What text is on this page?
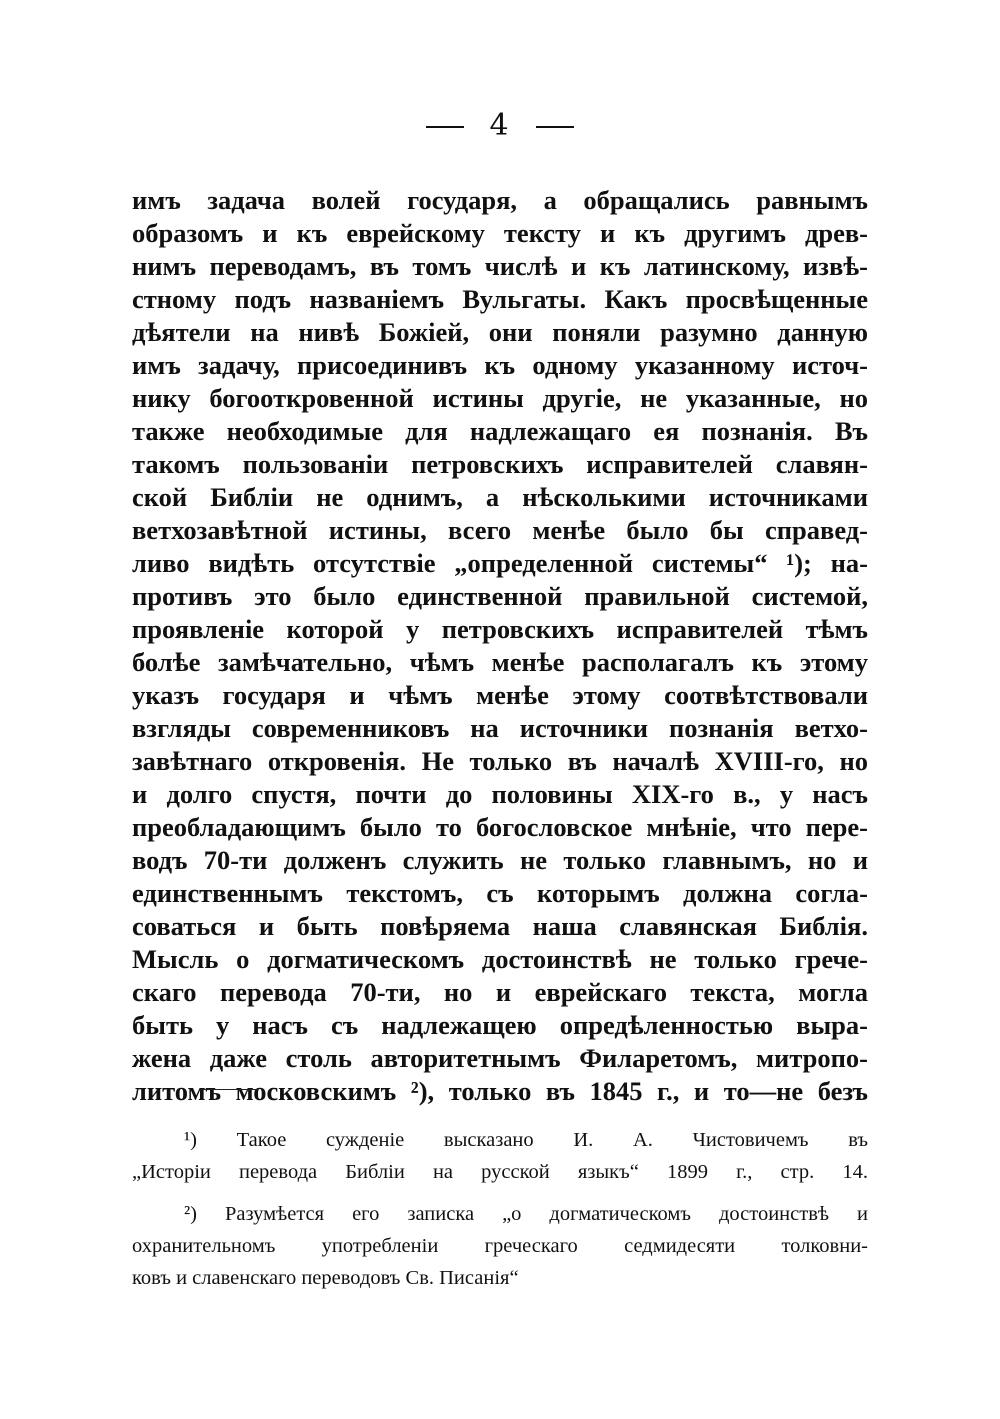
4
имъ задача волей государя, а обращались равнымъ
образомъ и къ еврейскому тексту и къ другимъ древ-
нимъ переводамъ, въ томъ числѣ и къ латинскому, извѣ-
стному подъ названіемъ Вульгаты. Какъ просвѣщенные
дѣятели на нивѣ Божіей, они поняли разумно данную
имъ задачу, присоединивъ къ одному указанному источ-
нику богооткровенной истины другіе, не указанные, но
также необходимые для надлежащаго ея познанія. Въ
такомъ пользованіи петровскихъ исправителей славян-
ской Библіи не однимъ, а нѣсколькими источниками
ветхозавѣтной истины, всего менѣе было бы справед-
ливо видѣть отсутствіе „определенной системы“ ¹); на-
противъ это было единственной правильной системой,
проявленіе которой у петровскихъ исправителей тѣмъ
болѣе замѣчательно, чѣмъ менѣе располагалъ къ этому
указъ государя и чѣмъ менѣе этому соотвѣтствовали
взгляды современниковъ на источники познанія ветхо-
завѣтнаго откровенія. Не только въ началѣ XVIII-го, но
и долго спустя, почти до половины XIX-го в., у насъ
преобладающимъ было то богословское мнѣніе, что пере-
водъ 70-ти долженъ служить не только главнымъ, но и
единственнымъ текстомъ, съ которымъ должна согла-
соваться и быть повѣряема наша славянская Библія.
Мысль о догматическомъ достоинствѣ не только грече-
скаго перевода 70-ти, но и еврейскаго текста, могла
быть у насъ съ надлежащею опредѣленностью выра-
жена даже столь авторитетнымъ Филаретомъ, митропо-
литомъ московскимъ ²), только въ 1845 г., и то—не безъ
¹) Такое сужденіе высказано И. А. Чистовичемъ въ
„Исторіи перевода Библіи на русской языкъ“ 1899 г., стр. 14.
²) Разумѣется его записка „о догматическомъ достоинствѣ и
охранительномъ употребленіи греческаго седмидесяти толковни-
ковъ и славенскаго переводовъ Св. Писанія“
